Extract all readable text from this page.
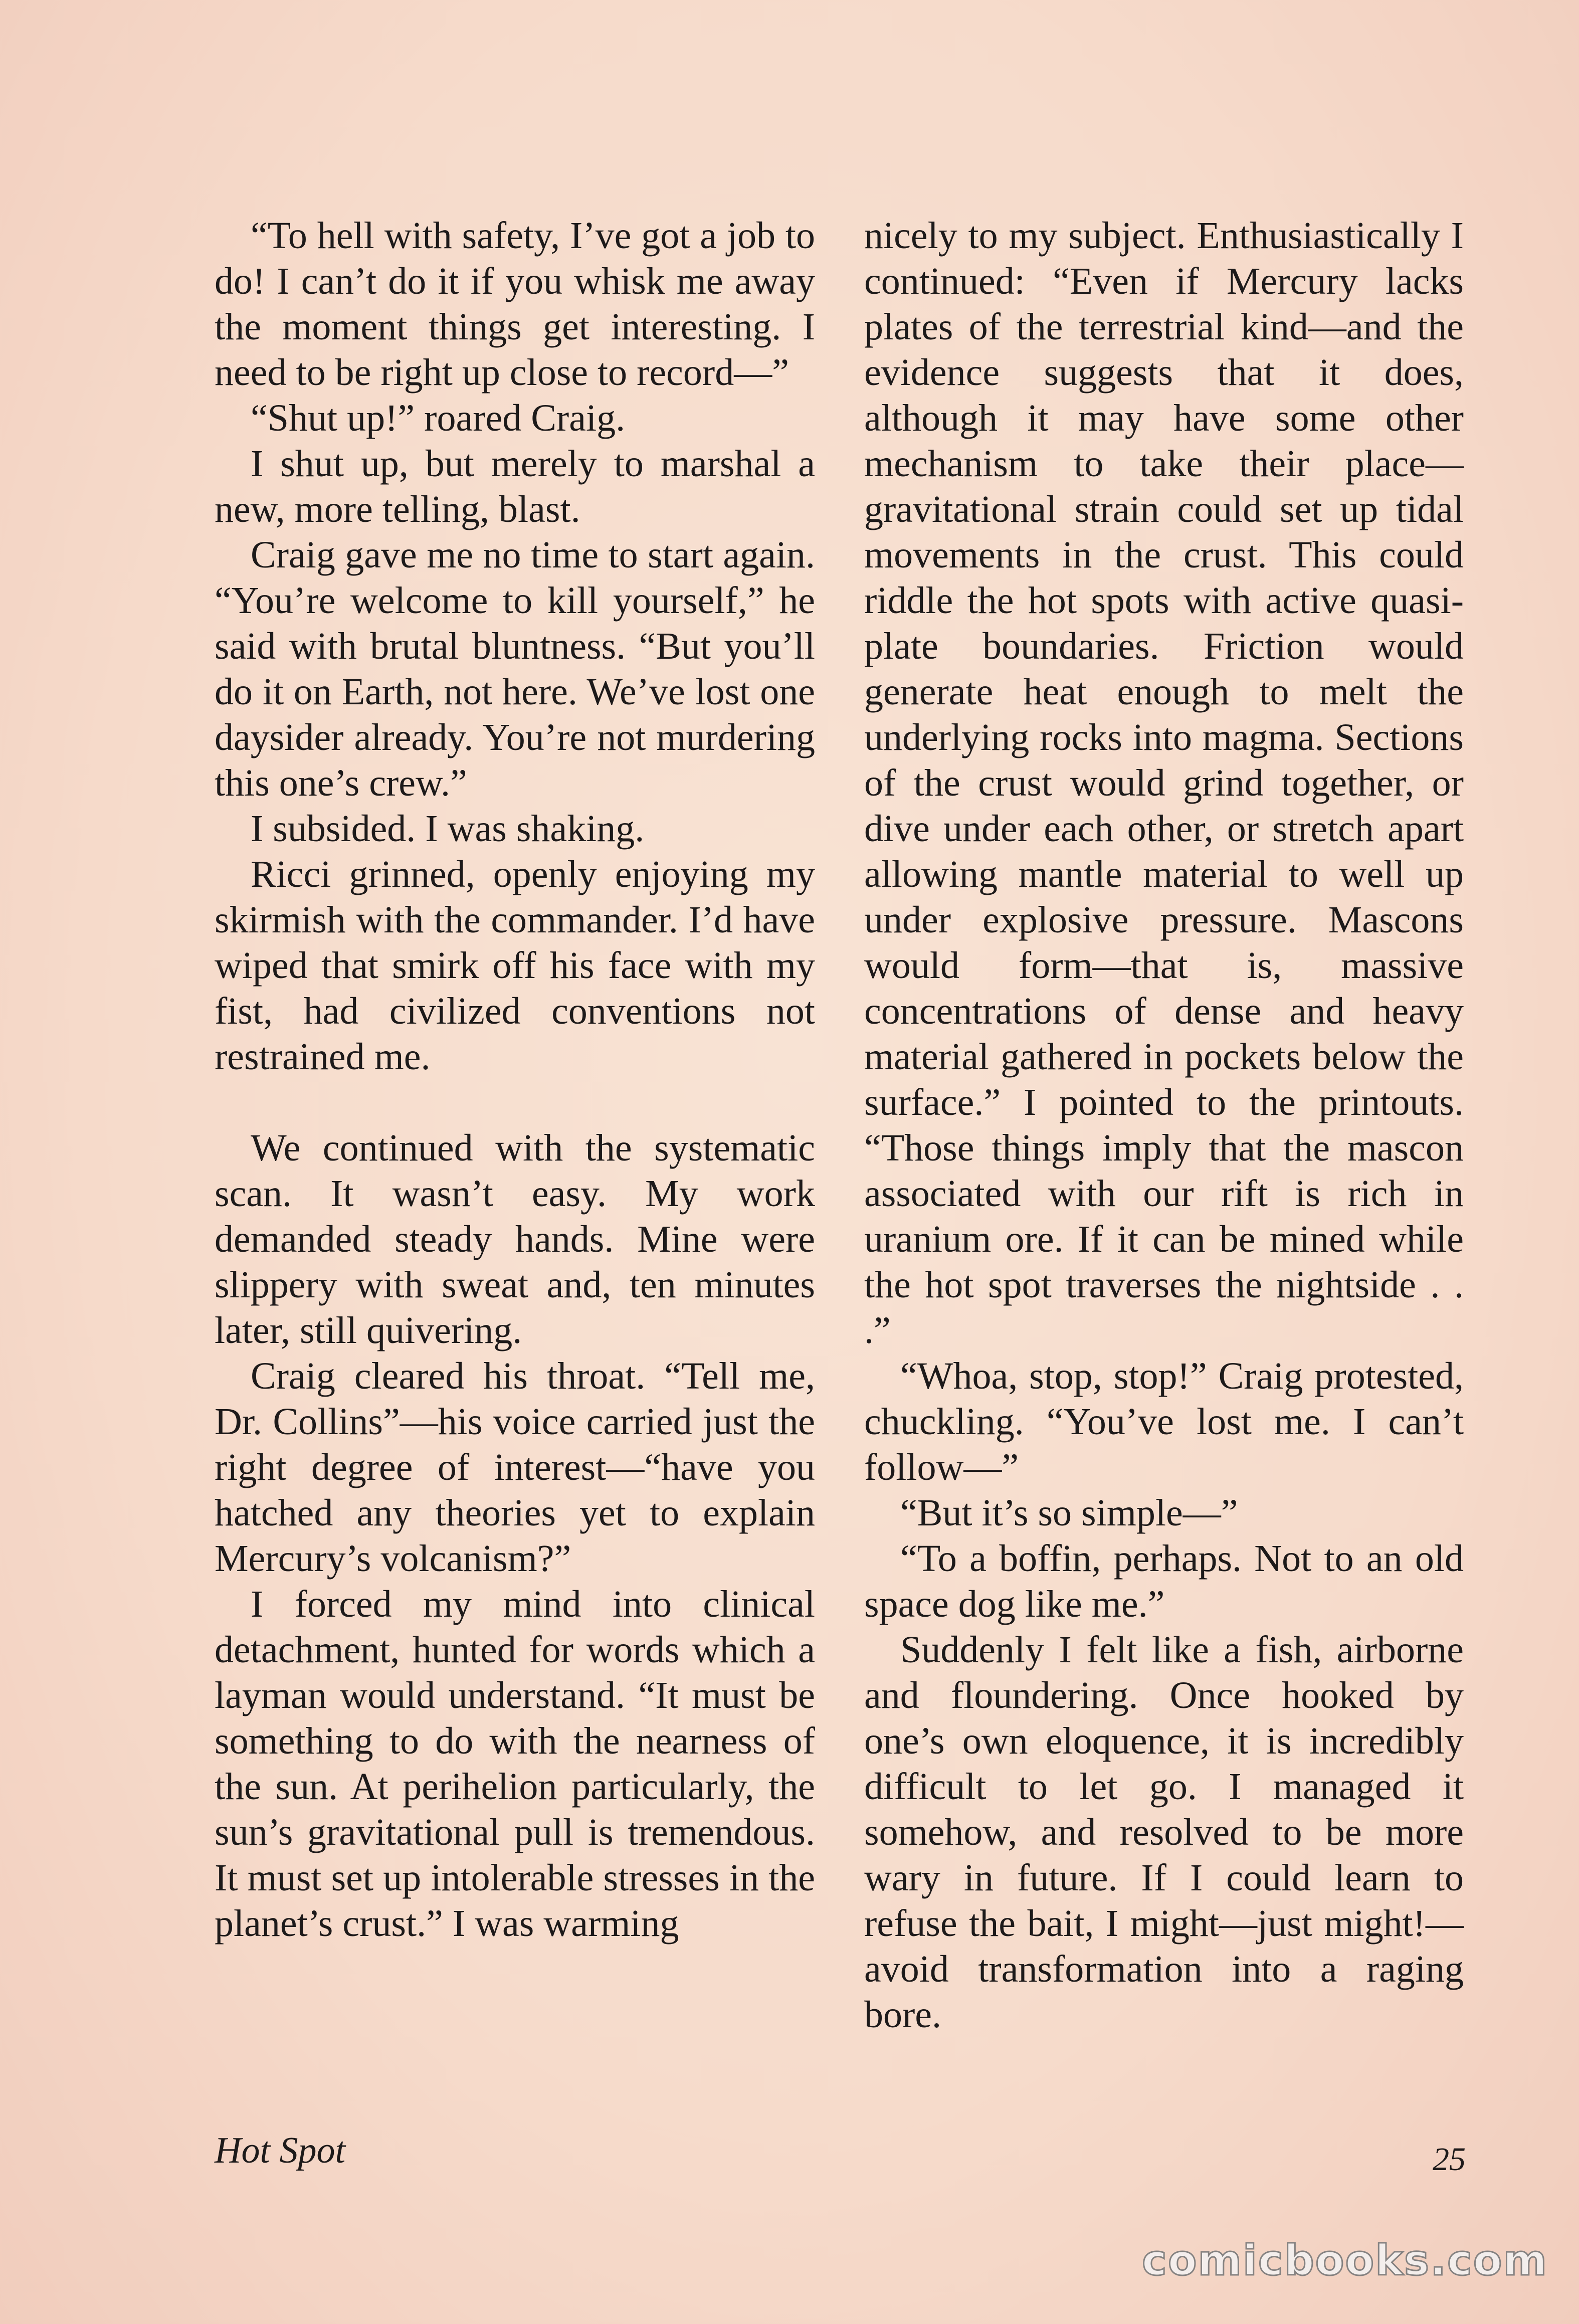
“To hell with safety, I’ve got a job to do! I can’t do it if you whisk me away the moment things get interesting. I need to be right up close to record—”

“Shut up!” roared Craig.

I shut up, but merely to marshal a new, more telling, blast.

Craig gave me no time to start again. “You’re welcome to kill yourself,” he said with brutal bluntness. “But you’ll do it on Earth, not here. We’ve lost one daysider already. You’re not murdering this one’s crew.”

I subsided. I was shaking.

Ricci grinned, openly enjoying my skirmish with the commander. I’d have wiped that smirk off his face with my fist, had civilized conventions not restrained me.

We continued with the systematic scan. It wasn’t easy. My work demanded steady hands. Mine were slippery with sweat and, ten minutes later, still quivering.

Craig cleared his throat. “Tell me, Dr. Collins”—his voice carried just the right degree of interest—“have you hatched any theories yet to explain Mercury’s volcanism?”

I forced my mind into clinical detachment, hunted for words which a layman would understand. “It must be something to do with the nearness of the sun. At perihelion particularly, the sun’s gravitational pull is tremendous. It must set up intolerable stresses in the planet’s crust.” I was warming

nicely to my subject. Enthusiastically I continued: “Even if Mercury lacks plates of the terrestrial kind—and the evidence suggests that it does, although it may have some other mechanism to take their place—gravitational strain could set up tidal movements in the crust. This could riddle the hot spots with active quasi-plate boundaries. Friction would generate heat enough to melt the underlying rocks into magma. Sections of the crust would grind together, or dive under each other, or stretch apart allowing mantle material to well up under explosive pressure. Mascons would form—that is, massive concentrations of dense and heavy material gathered in pockets below the surface.” I pointed to the printouts. “Those things imply that the mascon associated with our rift is rich in uranium ore. If it can be mined while the hot spot traverses the nightside . . .”

“Whoa, stop, stop!” Craig protested, chuckling. “You’ve lost me. I can’t follow—”

“But it’s so simple—”

“To a boffin, perhaps. Not to an old space dog like me.”

Suddenly I felt like a fish, airborne and floundering. Once hooked by one’s own eloquence, it is incredibly difficult to let go. I managed it somehow, and resolved to be more wary in future. If I could learn to refuse the bait, I might—just might!—avoid transformation into a raging bore.

Hot Spot	25
comicbooks.com
